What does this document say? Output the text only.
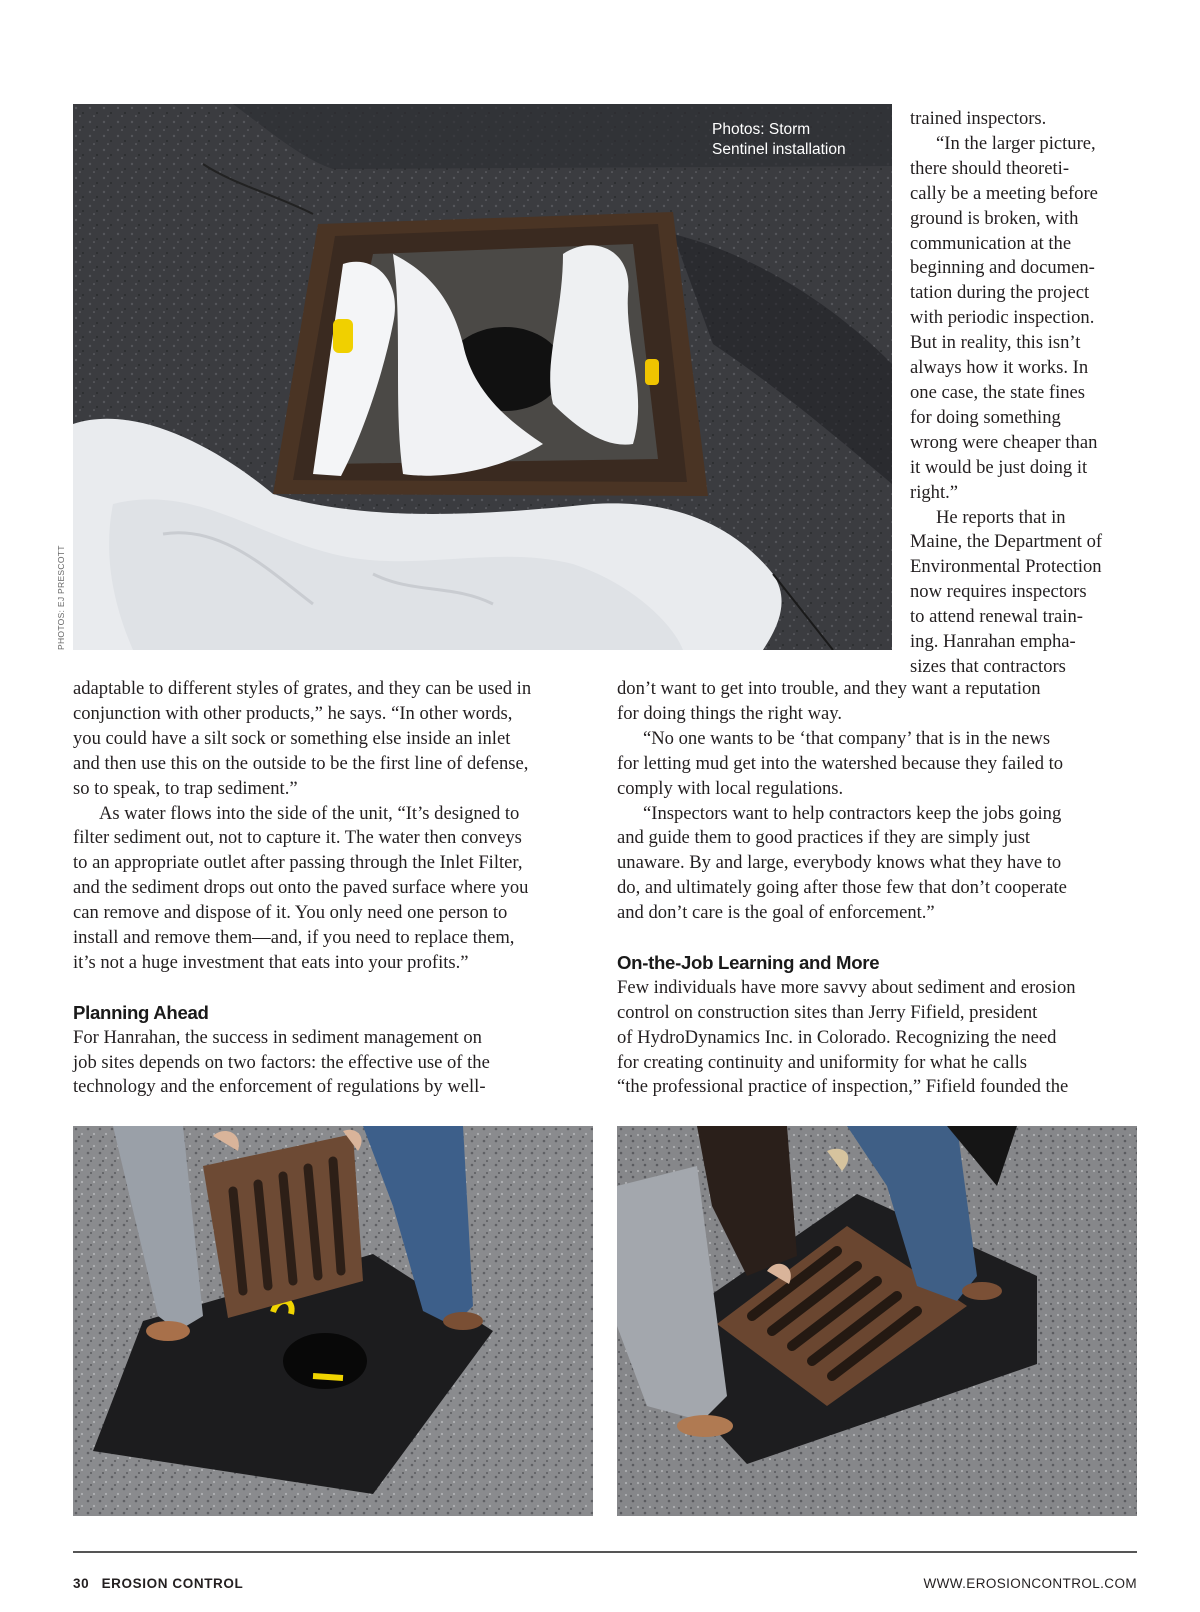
Photos: Storm
Sentinel installation
PHOTOS: EJ PRESCOTT

trained inspectors.

“In the larger picture,
there should theoreti-
cally be a meeting before
ground is broken, with
communication at the
beginning and documen-
tation during the project
with periodic inspection.
But in reality, this isn’t
always how it works. In
one case, the state fines
for doing something
wrong were cheaper than
it would be just doing it
right.”

He reports that in
Maine, the Department of
Environmental Protection
now requires inspectors
to attend renewal train-
ing. Hanrahan empha-
sizes that contractors

adaptable to different styles of grates, and they can be used in
conjunction with other products,” he says. “In other words,
you could have a silt sock or something else inside an inlet
and then use this on the outside to be the first line of defense,
so to speak, to trap sediment.”

As water flows into the side of the unit, “It’s designed to
filter sediment out, not to capture it. The water then conveys
to an appropriate outlet after passing through the Inlet Filter,
and the sediment drops out onto the paved surface where you
can remove and dispose of it. You only need one person to
install and remove them—and, if you need to replace them,
it’s not a huge investment that eats into your profits.”

Planning Ahead

For Hanrahan, the success in sediment management on
job sites depends on two factors: the effective use of the
technology and the enforcement of regulations by well-

don’t want to get into trouble, and they want a reputation
for doing things the right way.

“No one wants to be ‘that company’ that is in the news
for letting mud get into the watershed because they failed to
comply with local regulations.

“Inspectors want to help contractors keep the jobs going
and guide them to good practices if they are simply just
unaware. By and large, everybody knows what they have to
do, and ultimately going after those few that don’t cooperate
and don’t care is the goal of enforcement.”

On-the-Job Learning and More

Few individuals have more savvy about sediment and erosion
control on construction sites than Jerry Fifield, president
of HydroDynamics Inc. in Colorado. Recognizing the need
for creating continuity and uniformity for what he calls
“the professional practice of inspection,” Fifield founded the

30 EROSION CONTROL	WWW.EROSIONCONTROL.COM
